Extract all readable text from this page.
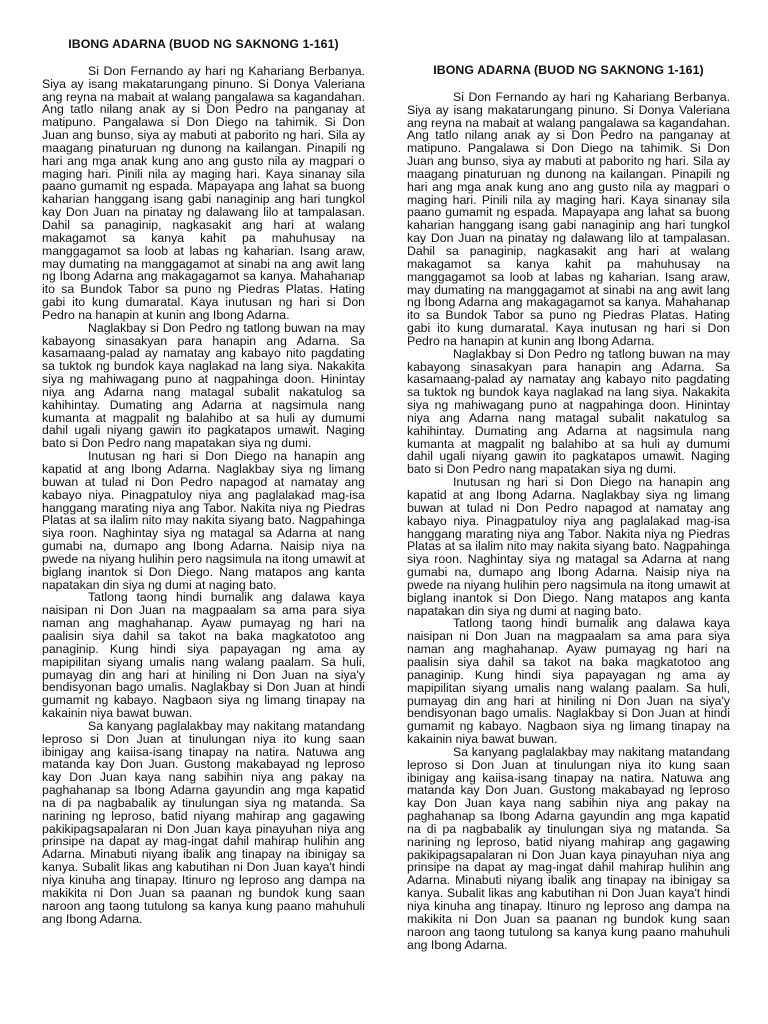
IBONG ADARNA (BUOD NG SAKNONG 1-161)

Si Don Fernando ay hari ng Kahariang Berbanya. Siya ay isang makatarungang pinuno. Si Donya Valeriana ang reyna na mabait at walang pangalawa sa kagandahan. Ang tatlo nilang anak ay si Don Pedro na panganay at matipuno. Pangalawa si Don Diego na tahimik. Si Don Juan ang bunso, siya ay mabuti at paborito ng hari. Sila ay maagang pinaturuan ng dunong na kailangan. Pinapili ng hari ang mga anak kung ano ang gusto nila ay magpari o maging hari. Pinili nila ay maging hari. Kaya sinanay sila paano gumamit ng espada. Mapayapa ang lahat sa buong kaharian hanggang isang gabi nanaginip ang hari tungkol kay Don Juan na pinatay ng dalawang lilo at tampalasan. Dahil sa panaginip, nagkasakit ang hari at walang makagamot sa kanya kahit pa mahuhusay na manggagamot sa loob at labas ng kaharian. Isang araw, may dumating na manggagamot at sinabi na ang awit lang ng Ibong Adarna ang makagagamot sa kanya. Mahahanap ito sa Bundok Tabor sa puno ng Piedras Platas. Hating gabi ito kung dumaratal. Kaya inutusan ng hari si Don Pedro na hanapin at kunin ang Ibong Adarna.

Naglakbay si Don Pedro ng tatlong buwan na may kabayong sinasakyan para hanapin ang Adarna. Sa kasamaang-palad ay namatay ang kabayo nito pagdating sa tuktok ng bundok kaya naglakad na lang siya. Nakakita siya ng mahiwagang puno at nagpahinga doon. Hinintay niya ang Adarna nang matagal subalit nakatulog sa kahihintay. Dumating ang Adarna at nagsimula nang kumanta at magpalit ng balahibo at sa huli ay dumumi dahil ugali niyang gawin ito pagkatapos umawit. Naging bato si Don Pedro nang mapatakan siya ng dumi.

Inutusan ng hari si Don Diego na hanapin ang kapatid at ang Ibong Adarna. Naglakbay siya ng limang buwan at tulad ni Don Pedro napagod at namatay ang kabayo niya. Pinagpatuloy niya ang paglalakad mag-isa hanggang marating niya ang Tabor. Nakita niya ng Piedras Platas at sa ilalim nito may nakita siyang bato. Nagpahinga siya roon. Naghintay siya ng matagal sa Adarna at nang gumabi na, dumapo ang Ibong Adarna. Naisip niya na pwede na niyang hulihin pero nagsimula na itong umawit at biglang inantok si Don Diego. Nang matapos ang kanta napatakan din siya ng dumi at naging bato.

Tatlong taong hindi bumalik ang dalawa kaya naisipan ni Don Juan na magpaalam sa ama para siya naman ang maghahanap. Ayaw pumayag ng hari na paalisin siya dahil sa takot na baka magkatotoo ang panaginip. Kung hindi siya papayagan ng ama ay mapipilitan siyang umalis nang walang paalam. Sa huli, pumayag din ang hari at hiniling ni Don Juan na siya'y bendisyonan bago umalis. Naglakbay si Don Juan at hindi gumamit ng kabayo. Nagbaon siya ng limang tinapay na kakainin niya bawat buwan.

Sa kanyang paglalakbay may nakitang matandang leproso si Don Juan at tinulungan niya ito kung saan ibinigay ang kaiisa-isang tinapay na natira. Natuwa ang matanda kay Don Juan. Gustong makabayad ng leproso kay Don Juan kaya nang sabihin niya ang pakay na paghahanap sa Ibong Adarna gayundin ang mga kapatid na di pa nagbabalik ay tinulungan siya ng matanda. Sa narining ng leproso, batid niyang mahirap ang gagawing pakikipagsapalaran ni Don Juan kaya pinayuhan niya ang prinsipe na dapat ay mag-ingat dahil mahirap hulihin ang Adarna. Minabuti niyang ibalik ang tinapay na ibinigay sa kanya. Subalit likas ang kabutihan ni Don Juan kaya't hindi niya kinuha ang tinapay. Itinuro ng leproso ang dampa na makikita ni Don Juan sa paanan ng bundok kung saan naroon ang taong tutulong sa kanya kung paano mahuhuli ang Ibong Adarna.

IBONG ADARNA (BUOD NG SAKNONG 1-161)

Si Don Fernando ay hari ng Kahariang Berbanya. Siya ay isang makatarungang pinuno. Si Donya Valeriana ang reyna na mabait at walang pangalawa sa kagandahan. Ang tatlo nilang anak ay si Don Pedro na panganay at matipuno. Pangalawa si Don Diego na tahimik. Si Don Juan ang bunso, siya ay mabuti at paborito ng hari. Sila ay maagang pinaturuan ng dunong na kailangan. Pinapili ng hari ang mga anak kung ano ang gusto nila ay magpari o maging hari. Pinili nila ay maging hari. Kaya sinanay sila paano gumamit ng espada. Mapayapa ang lahat sa buong kaharian hanggang isang gabi nanaginip ang hari tungkol kay Don Juan na pinatay ng dalawang lilo at tampalasan. Dahil sa panaginip, nagkasakit ang hari at walang makagamot sa kanya kahit pa mahuhusay na manggagamot sa loob at labas ng kaharian. Isang araw, may dumating na manggagamot at sinabi na ang awit lang ng Ibong Adarna ang makagagamot sa kanya. Mahahanap ito sa Bundok Tabor sa puno ng Piedras Platas. Hating gabi ito kung dumaratal. Kaya inutusan ng hari si Don Pedro na hanapin at kunin ang Ibong Adarna.

Naglakbay si Don Pedro ng tatlong buwan na may kabayong sinasakyan para hanapin ang Adarna. Sa kasamaang-palad ay namatay ang kabayo nito pagdating sa tuktok ng bundok kaya naglakad na lang siya. Nakakita siya ng mahiwagang puno at nagpahinga doon. Hinintay niya ang Adarna nang matagal subalit nakatulog sa kahihintay. Dumating ang Adarna at nagsimula nang kumanta at magpalit ng balahibo at sa huli ay dumumi dahil ugali niyang gawin ito pagkatapos umawit. Naging bato si Don Pedro nang mapatakan siya ng dumi.

Inutusan ng hari si Don Diego na hanapin ang kapatid at ang Ibong Adarna. Naglakbay siya ng limang buwan at tulad ni Don Pedro napagod at namatay ang kabayo niya. Pinagpatuloy niya ang paglalakad mag-isa hanggang marating niya ang Tabor. Nakita niya ng Piedras Platas at sa ilalim nito may nakita siyang bato. Nagpahinga siya roon. Naghintay siya ng matagal sa Adarna at nang gumabi na, dumapo ang Ibong Adarna. Naisip niya na pwede na niyang hulihin pero nagsimula na itong umawit at biglang inantok si Don Diego. Nang matapos ang kanta napatakan din siya ng dumi at naging bato.

Tatlong taong hindi bumalik ang dalawa kaya naisipan ni Don Juan na magpaalam sa ama para siya naman ang maghahanap. Ayaw pumayag ng hari na paalisin siya dahil sa takot na baka magkatotoo ang panaginip. Kung hindi siya papayagan ng ama ay mapipilitan siyang umalis nang walang paalam. Sa huli, pumayag din ang hari at hiniling ni Don Juan na siya'y bendisyonan bago umalis. Naglakbay si Don Juan at hindi gumamit ng kabayo. Nagbaon siya ng limang tinapay na kakainin niya bawat buwan.

Sa kanyang paglalakbay may nakitang matandang leproso si Don Juan at tinulungan niya ito kung saan ibinigay ang kaiisa-isang tinapay na natira. Natuwa ang matanda kay Don Juan. Gustong makabayad ng leproso kay Don Juan kaya nang sabihin niya ang pakay na paghahanap sa Ibong Adarna gayundin ang mga kapatid na di pa nagbabalik ay tinulungan siya ng matanda. Sa narining ng leproso, batid niyang mahirap ang gagawing pakikipagsapalaran ni Don Juan kaya pinayuhan niya ang prinsipe na dapat ay mag-ingat dahil mahirap hulihin ang Adarna. Minabuti niyang ibalik ang tinapay na ibinigay sa kanya. Subalit likas ang kabutihan ni Don Juan kaya't hindi niya kinuha ang tinapay. Itinuro ng leproso ang dampa na makikita ni Don Juan sa paanan ng bundok kung saan naroon ang taong tutulong sa kanya kung paano mahuhuli ang Ibong Adarna.
